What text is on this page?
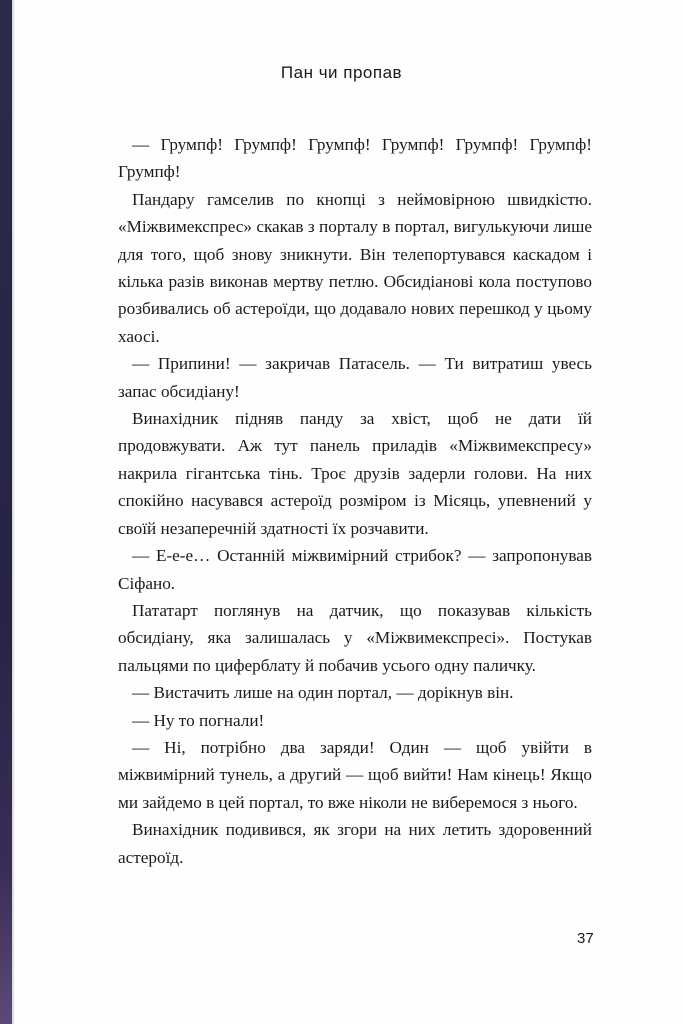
Пан чи пропав

— Грумпф! Грумпф! Грумпф! Грумпф! Грумпф! Грумпф! Грумпф!

Пандару гамселив по кнопці з неймовірною швидкістю. «Міжвимекспрес» скакав з порталу в портал, вигулькуючи лише для того, щоб знову зникнути. Він телепортувався каскадом і кілька разів виконав мертву петлю. Обсидіанові кола поступово розбивались об астероїди, що додавало нових перешкод у цьому хаосі.

— Припини! — закричав Патасель. — Ти витратиш увесь запас обсидіану!

Винахідник підняв панду за хвіст, щоб не дати їй продовжувати. Аж тут панель приладів «Міжвимекспресу» накрила гігантська тінь. Троє друзів задерли голови. На них спокійно насувався астероїд розміром із Місяць, упевнений у своїй незаперечній здатності їх розчавити.

— Е-е-е… Останній міжвимірний стрибок? — запропонував Сіфано.

Пататарт поглянув на датчик, що показував кількість обсидіану, яка залишалась у «Міжвимекспресі». Постукав пальцями по циферблату й побачив усього одну паличку.

— Вистачить лише на один портал, — дорікнув він.

— Ну то погнали!

— Ні, потрібно два заряди! Один — щоб увійти в міжвимірний тунель, а другий — щоб вийти! Нам кінець! Якщо ми зайдемо в цей портал, то вже ніколи не виберемося з нього.

Винахідник подивився, як згори на них летить здоровенний астероїд.

37
